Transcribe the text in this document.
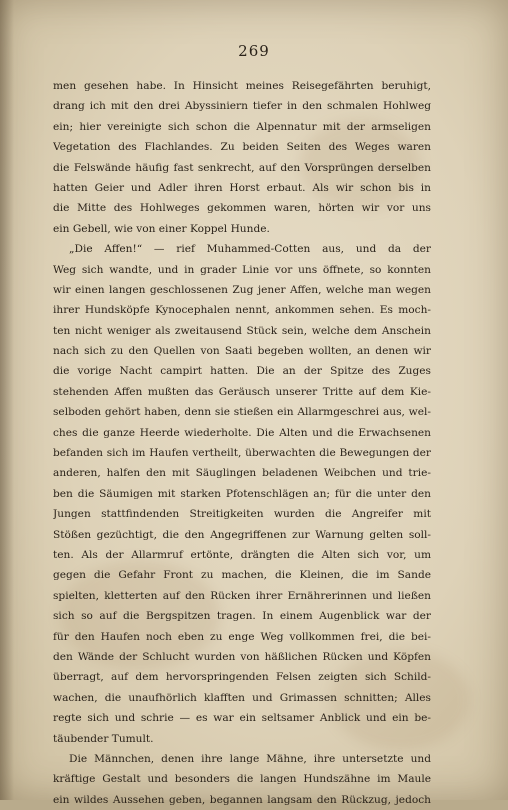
269
men gesehen habe. In Hinsicht meines Reisegefährten beruhigt,
drang ich mit den drei Abyssiniern tiefer in den schmalen Hohlweg
ein; hier vereinigte sich schon die Alpennatur mit der armseligen
Vegetation des Flachlandes. Zu beiden Seiten des Weges waren
die Felswände häufig fast senkrecht, auf den Vorsprüngen derselben
hatten Geier und Adler ihren Horst erbaut. Als wir schon bis in
die Mitte des Hohlweges gekommen waren, hörten wir vor uns
ein Gebell, wie von einer Koppel Hunde.
„Die Affen!“ — rief Muhammed-Cotten aus, und da der
Weg sich wandte, und in grader Linie vor uns öffnete, so konnten
wir einen langen geschlossenen Zug jener Affen, welche man wegen
ihrer Hundsköpfe Kynocephalen nennt, ankommen sehen. Es moch-
ten nicht weniger als zweitausend Stück sein, welche dem Anschein
nach sich zu den Quellen von Saati begeben wollten, an denen wir
die vorige Nacht campirt hatten. Die an der Spitze des Zuges
stehenden Affen mußten das Geräusch unserer Tritte auf dem Kie-
selboden gehört haben, denn sie stießen ein Allarmgeschrei aus, wel-
ches die ganze Heerde wiederholte. Die Alten und die Erwachsenen
befanden sich im Haufen vertheilt, überwachten die Bewegungen der
anderen, halfen den mit Säuglingen beladenen Weibchen und trie-
ben die Säumigen mit starken Pfotenschlägen an; für die unter den
Jungen stattfindenden Streitigkeiten wurden die Angreifer mit
Stößen gezüchtigt, die den Angegriffenen zur Warnung gelten soll-
ten. Als der Allarmruf ertönte, drängten die Alten sich vor, um
gegen die Gefahr Front zu machen, die Kleinen, die im Sande
spielten, kletterten auf den Rücken ihrer Ernährerinnen und ließen
sich so auf die Bergspitzen tragen. In einem Augenblick war der
für den Haufen noch eben zu enge Weg vollkommen frei, die bei-
den Wände der Schlucht wurden von häßlichen Rücken und Köpfen
überragt, auf dem hervorspringenden Felsen zeigten sich Schild-
wachen, die unaufhörlich klafften und Grimassen schnitten; Alles
regte sich und schrie — es war ein seltsamer Anblick und ein be-
täubender Tumult.
Die Männchen, denen ihre lange Mähne, ihre untersetzte und
kräftige Gestalt und besonders die langen Hundszähne im Maule
ein wildes Aussehen geben, begannen langsam den Rückzug, jedoch
